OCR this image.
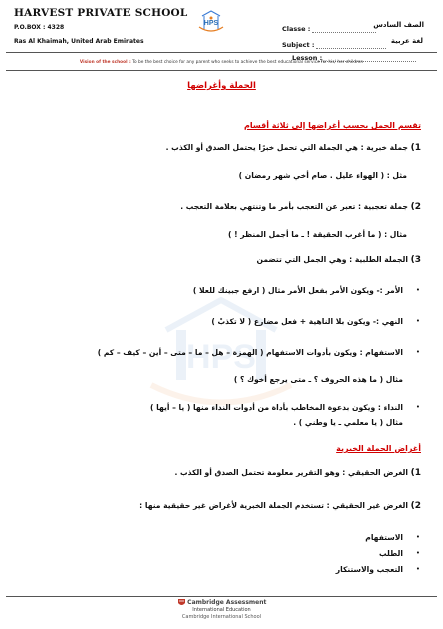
HARVEST PRIVATE SCHOOL
P.O.BOX : 4328
Ras Al Khaimah, United Arab Emirates
HPS
Classe :	الصف السادس
Subject :	لغة عربية
Lesson :
Vision of the school : To be the best choice for any parent who seeks to achieve the best educational service for his/ her children
الجملة وأغراضها
HPS
تقسم الجمل بحسب أغراضها إلى ثلاثة أقسام
1) جملة خبرية : هي الجملة التي تحمل خبرًا يحتمل الصدق أو الكذب .
مثل : ( الهواء عليل . صام أخي شهر رمضان )
2) جملة تعجبية : تعبر عن التعجب بأمر ما وتنتهي بعلامة التعجب .
مثال : ( ما أغرب الحقيقة ! ـ ما أجمل المنظر ! )
3) الجملة الطلبية : وهي الجمل التي تتضمن
•
الأمر :- ويكون الأمر بفعل الأمر مثال ( ارفع جبينك للعلا )
•
النهي :- ويكون بلا الناهية + فعل مضارع ( لا تكذبْ )
•
الاستفهام : ويكون بأدوات الاستفهام ( الهمزة – هل – ما – متى – أين – كيف – كم )
مثال ( ما هذه الحروف ؟ ـ متى يرجع أخوك ؟ )
•
النداء : ويكون بدعوة المخاطب بأداة من أدوات النداء منها ( يا – أيها )
مثال ( يا معلمي ـ يا وطني ) .
أغراض الجملة الخبرية
1) الغرض الحقيقي : وهو التقرير معلومة تحتمل الصدق أو الكذب .
2) الغرض غير الحقيقي : تستخدم الجملة الخبرية لأغراض غير حقيقية منها :
•
الاستفهام
•
الطلب
•
التعجب والاستنكار
Cambridge Assessment
International Education
Cambridge International School
